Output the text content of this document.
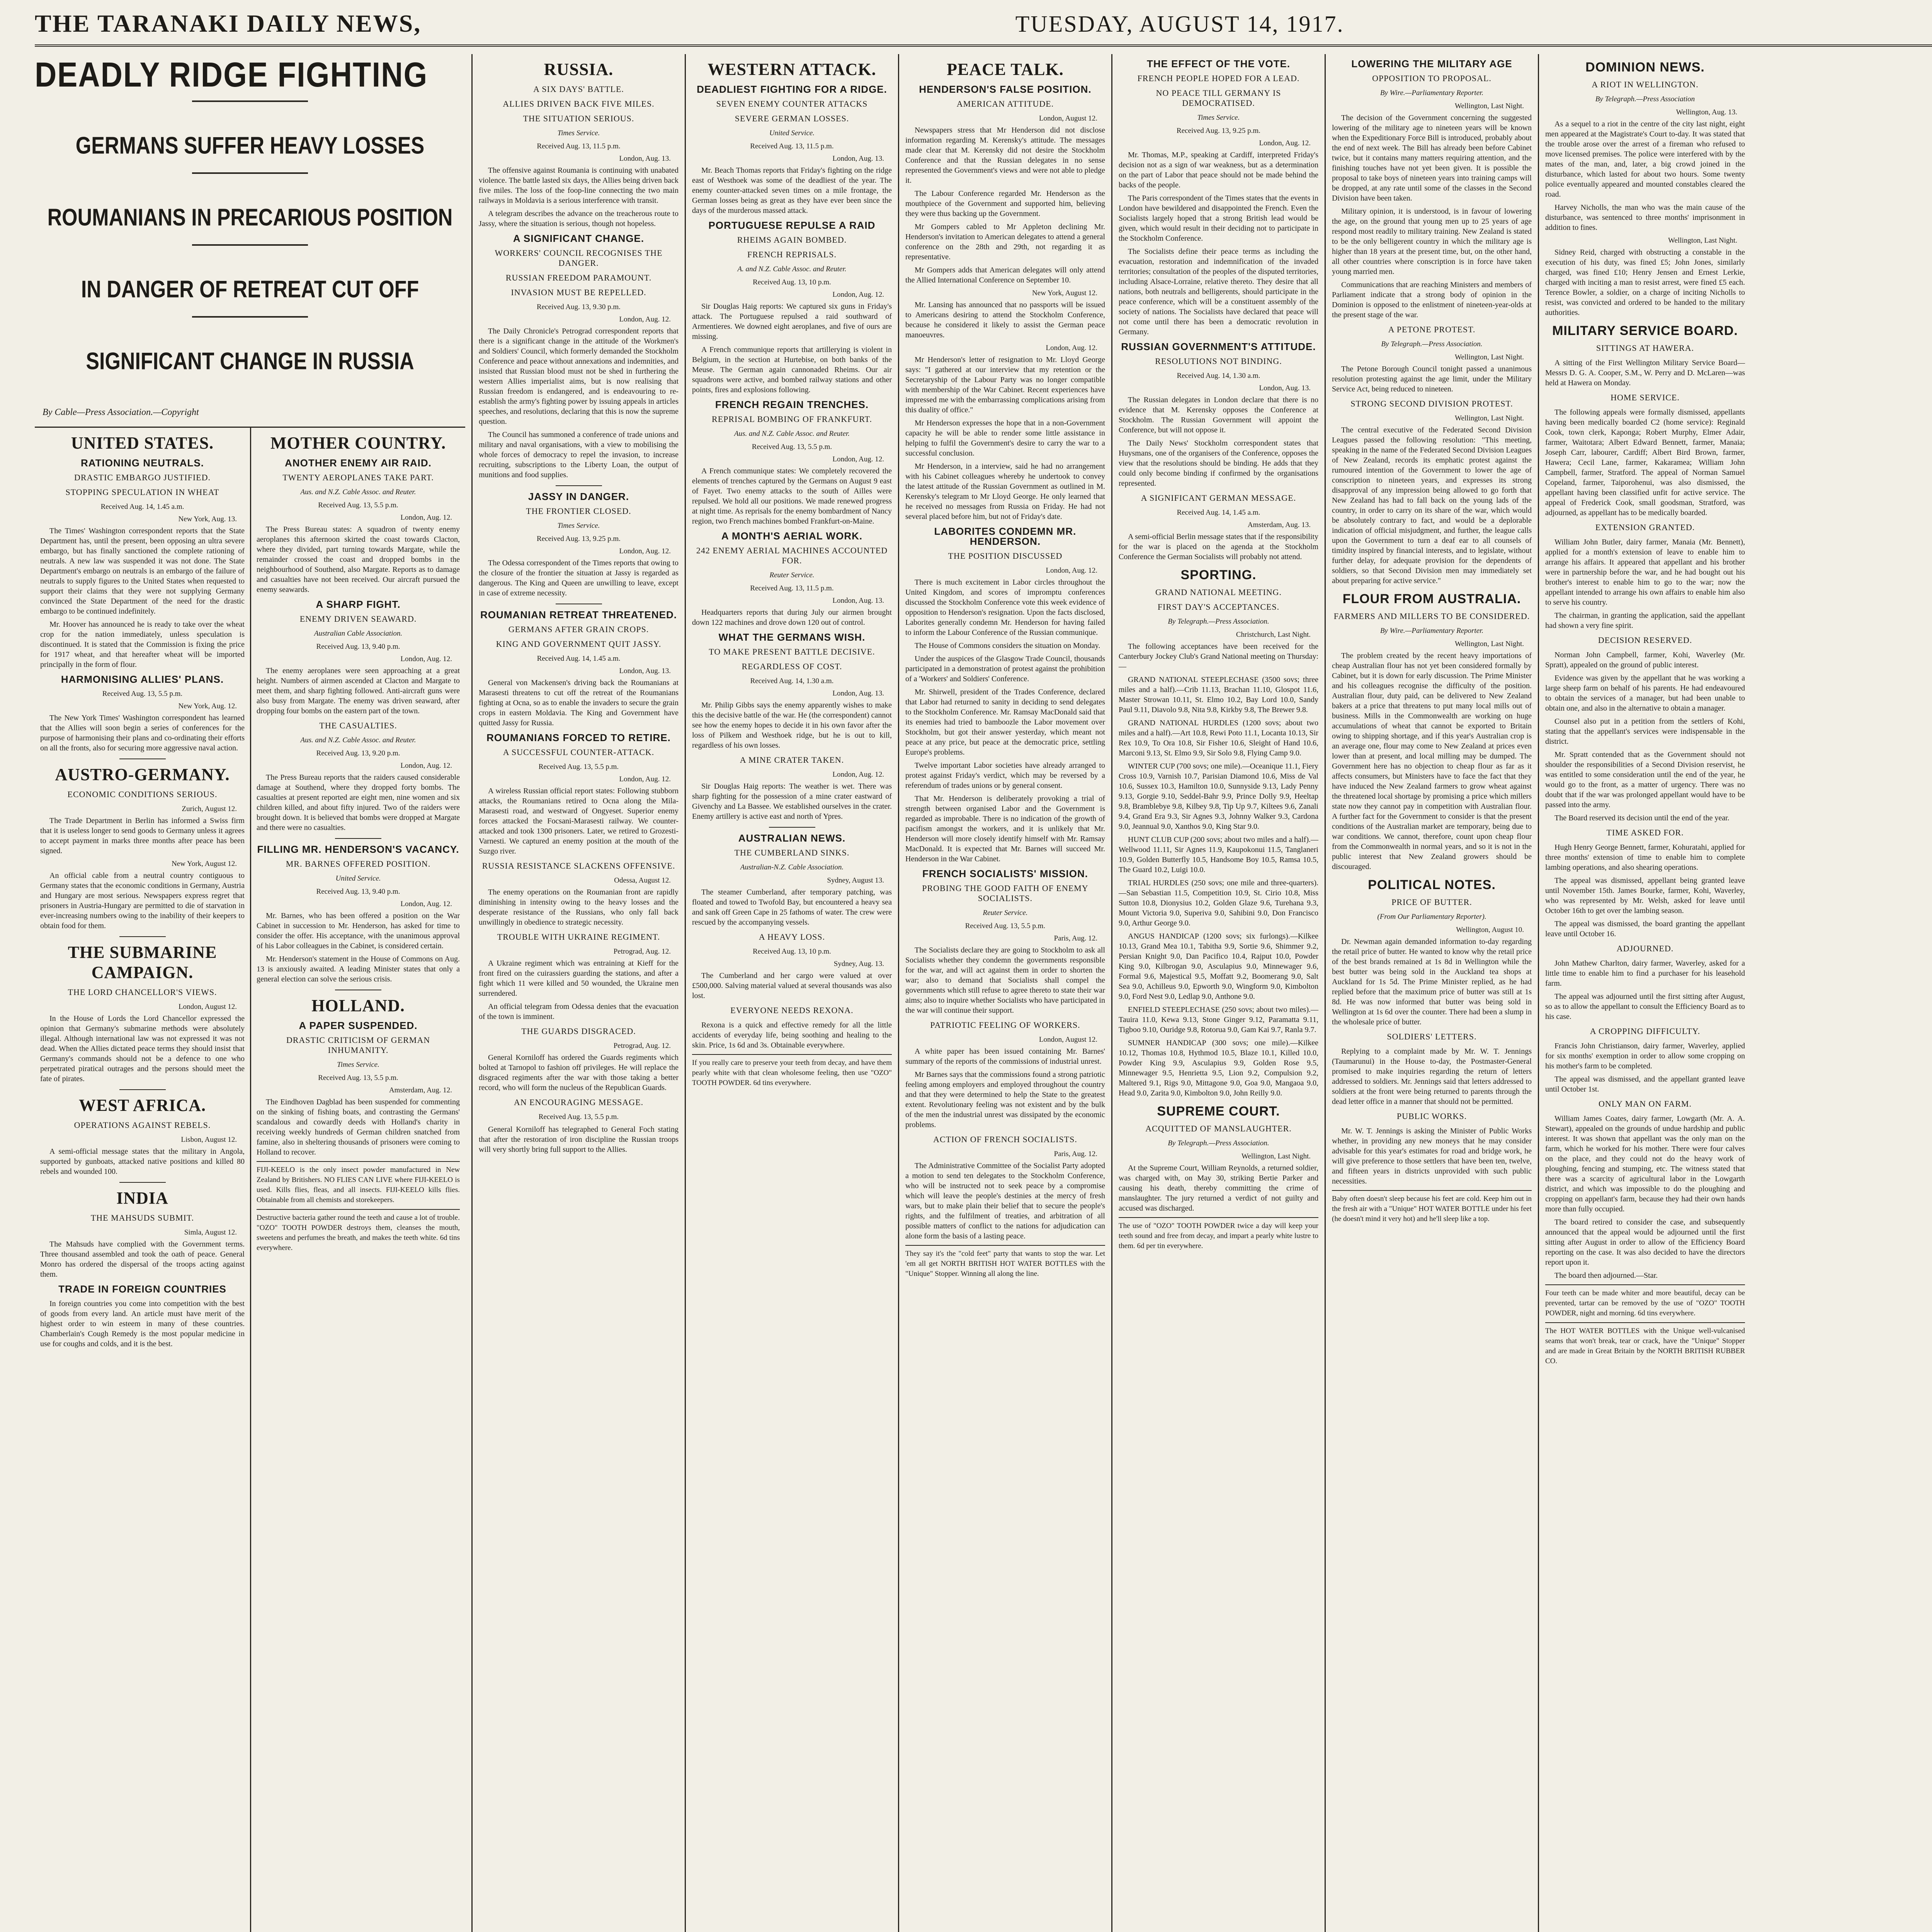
THE TARANAKI DAILY NEWS,	TUESDAY, AUGUST 14, 1917.
DEADLY RIDGE FIGHTING
GERMANS SUFFER HEAVY LOSSES
ROUMANIANS IN PRECARIOUS POSITION
IN DANGER OF RETREAT CUT OFF
SIGNIFICANT CHANGE IN RUSSIA
By Cable—Press Association.—Copyright
UNITED STATES.
RATIONING NEUTRALS.
DRASTIC EMBARGO JUSTIFIED.
STOPPING SPECULATION IN WHEAT
Received Aug. 14, 1.45 a.m.
New York, Aug. 13.

The Times' Washington correspondent reports that the State Department has, until the present, been opposing an ultra severe embargo, but has finally sanctioned the complete rationing of neutrals. A new law was suspended it was not done. The State Department's embargo on neutrals is an embargo of the failure of neutrals to supply figures to the United States when requested to support their claims that they were not supplying Germany convinced the State Department of the need for the drastic embargo to be continued indefinitely.

Mr. Hoover has announced he is ready to take over the wheat crop for the nation immediately, unless speculation is discontinued. It is stated that the Commission is fixing the price for 1917 wheat, and that hereafter wheat will be imported principally in the form of flour.

HARMONISING ALLIES' PLANS.
Received Aug. 13, 5.5 p.m.
New York, Aug. 12.

The New York Times' Washington correspondent has learned that the Allies will soon begin a series of conferences for the purpose of harmonising their plans and co-ordinating their efforts on all the fronts, also for securing more aggressive naval action.

AUSTRO-GERMANY.
ECONOMIC CONDITIONS SERIOUS.
Zurich, August 12.

The Trade Department in Berlin has informed a Swiss firm that it is useless longer to send goods to Germany unless it agrees to accept payment in marks three months after peace has been signed.

New York, August 12.

An official cable from a neutral country contiguous to Germany states that the economic conditions in Germany, Austria and Hungary are most serious. Newspapers express regret that prisoners in Austria-Hungary are permitted to die of starvation in ever-increasing numbers owing to the inability of their keepers to obtain food for them.

THE SUBMARINE CAMPAIGN.
THE LORD CHANCELLOR'S VIEWS.
London, August 12.

In the House of Lords the Lord Chancellor expressed the opinion that Germany's submarine methods were absolutely illegal. Although international law was not expressed it was not dead. When the Allies dictated peace terms they should insist that Germany's commands should not be a defence to one who perpetrated piratical outrages and the persons should meet the fate of pirates.

WEST AFRICA.
OPERATIONS AGAINST REBELS.
Lisbon, August 12.

A semi-official message states that the military in Angola, supported by gunboats, attacked native positions and killed 80 rebels and wounded 100.

INDIA
THE MAHSUDS SUBMIT.
Simla, August 12.

The Mahsuds have complied with the Government terms. Three thousand assembled and took the oath of peace. General Monro has ordered the dispersal of the troops acting against them.

TRADE IN FOREIGN COUNTRIES

In foreign countries you come into competition with the best of goods from every land. An article must have merit of the highest order to win esteem in many of these countries. Chamberlain's Cough Remedy is the most popular medicine in use for coughs and colds, and it is the best.

MOTHER COUNTRY.
ANOTHER ENEMY AIR RAID.
TWENTY AEROPLANES TAKE PART.
Aus. and N.Z. Cable Assoc. and Reuter.
Received Aug. 13, 5.5 p.m.
London, Aug. 12.

The Press Bureau states: A squadron of twenty enemy aeroplanes this afternoon skirted the coast towards Clacton, where they divided, part turning towards Margate, while the remainder crossed the coast and dropped bombs in the neighbourhood of Southend, also Margate. Reports as to damage and casualties have not been received. Our aircraft pursued the enemy seawards.

A SHARP FIGHT.
ENEMY DRIVEN SEAWARD.
Australian Cable Association.
Received Aug. 13, 9.40 p.m.
London, Aug. 12.

The enemy aeroplanes were seen approaching at a great height. Numbers of airmen ascended at Clacton and Margate to meet them, and sharp fighting followed. Anti-aircraft guns were also busy from Margate. The enemy was driven seaward, after dropping four bombs on the eastern part of the town.

THE CASUALTIES.
Aus. and N.Z. Cable Assoc. and Reuter.
Received Aug. 13, 9.20 p.m.
London, Aug. 12.

The Press Bureau reports that the raiders caused considerable damage at Southend, where they dropped forty bombs. The casualties at present reported are eight men, nine women and six children killed, and about fifty injured. Two of the raiders were brought down. It is believed that bombs were dropped at Margate and there were no casualties.

FILLING MR. HENDERSON'S VACANCY.
MR. BARNES OFFERED POSITION.
United Service.
Received Aug. 13, 9.40 p.m.
London, Aug. 12.

Mr. Barnes, who has been offered a position on the War Cabinet in succession to Mr. Henderson, has asked for time to consider the offer. His acceptance, with the unanimous approval of his Labor colleagues in the Cabinet, is considered certain.

Mr. Henderson's statement in the House of Commons on Aug. 13 is anxiously awaited. A leading Minister states that only a general election can solve the serious crisis.

HOLLAND.
A PAPER SUSPENDED.
DRASTIC CRITICISM OF GERMAN INHUMANITY.
Times Service.
Received Aug. 13, 5.5 p.m.
Amsterdam, Aug. 12.

The Eindhoven Dagblad has been suspended for commenting on the sinking of fishing boats, and contrasting the Germans' scandalous and cowardly deeds with Holland's charity in receiving weekly hundreds of German children snatched from famine, also in sheltering thousands of prisoners were coming to Holland to recover.

FIJI-KEELO is the only insect powder manufactured in New Zealand by Britishers. NO FLIES CAN LIVE where FIJI-KEELO is used. Kills flies, fleas, and all insects. FIJI-KEELO kills flies. Obtainable from all chemists and storekeepers.
Destructive bacteria gather round the teeth and cause a lot of trouble. "OZO" TOOTH POWDER destroys them, cleanses the mouth, sweetens and perfumes the breath, and makes the teeth white. 6d tins everywhere.
RUSSIA.
A SIX DAYS' BATTLE.
ALLIES DRIVEN BACK FIVE MILES.
THE SITUATION SERIOUS.
Times Service.
Received Aug. 13, 11.5 p.m.
London, Aug. 13.

The offensive against Roumania is continuing with unabated violence. The battle lasted six days, the Allies being driven back five miles. The loss of the foop-line connecting the two main railways in Moldavia is a serious interference with transit.

A telegram describes the advance on the treacherous route to Jassy, where the situation is serious, though not hopeless.

A SIGNIFICANT CHANGE.
WORKERS' COUNCIL RECOGNISES THE DANGER.
RUSSIAN FREEDOM PARAMOUNT.
INVASION MUST BE REPELLED.
Received Aug. 13, 9.30 p.m.
London, Aug. 12.

The Daily Chronicle's Petrograd correspondent reports that there is a significant change in the attitude of the Workmen's and Soldiers' Council, which formerly demanded the Stockholm Conference and peace without annexations and indemnities, and insisted that Russian blood must not be shed in furthering the western Allies imperialist aims, but is now realising that Russian freedom is endangered, and is endeavouring to re-establish the army's fighting power by issuing appeals in articles speeches, and resolutions, declaring that this is now the supreme question.

The Council has summoned a conference of trade unions and military and naval organisations, with a view to mobilising the whole forces of democracy to repel the invasion, to increase recruiting, subscriptions to the Liberty Loan, the output of munitions and food supplies.

JASSY IN DANGER.
THE FRONTIER CLOSED.
Times Service.
Received Aug. 13, 9.25 p.m.
London, Aug. 12.

The Odessa correspondent of the Times reports that owing to the closure of the frontier the situation at Jassy is regarded as dangerous. The King and Queen are unwilling to leave, except in case of extreme necessity.

ROUMANIAN RETREAT THREATENED.
GERMANS AFTER GRAIN CROPS.
KING AND GOVERNMENT QUIT JASSY.
Received Aug. 14, 1.45 a.m.
London, Aug. 13.

General von Mackensen's driving back the Roumanians at Marasesti threatens to cut off the retreat of the Roumanians fighting at Ocna, so as to enable the invaders to secure the grain crops in eastern Moldavia. The King and Government have quitted Jassy for Russia.

ROUMANIANS FORCED TO RETIRE.
A SUCCESSFUL COUNTER-ATTACK.
Received Aug. 13, 5.5 p.m.
London, Aug. 12.

A wireless Russian official report states: Following stubborn attacks, the Roumanians retired to Ocna along the Mila-Marasesti road, and westward of Ongyeset. Superior enemy forces attacked the Focsani-Marasesti railway. We counter-attacked and took 1300 prisoners. Later, we retired to Grozesti-Varnesti. We captured an enemy position at the mouth of the Suzgo river.

RUSSIA RESISTANCE SLACKENS OFFENSIVE.
Odessa, August 12.

The enemy operations on the Roumanian front are rapidly diminishing in intensity owing to the heavy losses and the desperate resistance of the Russians, who only fall back unwillingly in obedience to strategic necessity.

TROUBLE WITH UKRAINE REGIMENT.
Petrograd, Aug. 12.

A Ukraine regiment which was entraining at Kieff for the front fired on the cuirassiers guarding the stations, and after a fight which 11 were killed and 50 wounded, the Ukraine men surrendered.

An official telegram from Odessa denies that the evacuation of the town is imminent.

THE GUARDS DISGRACED.
Petrograd, Aug. 12.

General Korniloff has ordered the Guards regiments which bolted at Tarnopol to fashion off privileges. He will replace the disgraced regiments after the war with those taking a better record, who will form the nucleus of the Republican Guards.

AN ENCOURAGING MESSAGE.
Received Aug. 13, 5.5 p.m.

General Korniloff has telegraphed to General Foch stating that after the restoration of iron discipline the Russian troops will very shortly bring full support to the Allies.

WESTERN ATTACK.
DEADLIEST FIGHTING FOR A RIDGE.
SEVEN ENEMY COUNTER ATTACKS
SEVERE GERMAN LOSSES.
United Service.
Received Aug. 13, 11.5 p.m.
London, Aug. 13.

Mr. Beach Thomas reports that Friday's fighting on the ridge east of Westhoek was some of the deadliest of the year. The enemy counter-attacked seven times on a mile frontage, the German losses being as great as they have ever been since the days of the murderous massed attack.

PORTUGUESE REPULSE A RAID
RHEIMS AGAIN BOMBED.
FRENCH REPRISALS.
A. and N.Z. Cable Assoc. and Reuter.
Received Aug. 13, 10 p.m.
London, Aug. 12.

Sir Douglas Haig reports: We captured six guns in Friday's attack. The Portuguese repulsed a raid southward of Armentieres. We downed eight aeroplanes, and five of ours are missing.

A French communique reports that artillerying is violent in Belgium, in the section at Hurtebise, on both banks of the Meuse. The German again cannonaded Rheims. Our air squadrons were active, and bombed railway stations and other points, fires and explosions following.

FRENCH REGAIN TRENCHES.
REPRISAL BOMBING OF FRANKFURT.
Aus. and N.Z. Cable Assoc. and Reuter.
Received Aug. 13, 5.5 p.m.
London, Aug. 12.

A French communique states: We completely recovered the elements of trenches captured by the Germans on August 9 east of Fayet. Two enemy attacks to the south of Ailles were repulsed. We hold all our positions. We made renewed progress at night time. As reprisals for the enemy bombardment of Nancy region, two French machines bombed Frankfurt-on-Maine.

A MONTH'S AERIAL WORK.
242 ENEMY AERIAL MACHINES ACCOUNTED FOR.
Reuter Service.
Received Aug. 13, 11.5 p.m.
London, Aug. 13.

Headquarters reports that during July our airmen brought down 122 machines and drove down 120 out of control.

WHAT THE GERMANS WISH.
TO MAKE PRESENT BATTLE DECISIVE.
REGARDLESS OF COST.
Received Aug. 14, 1.30 a.m.
London, Aug. 13.

Mr. Philip Gibbs says the enemy apparently wishes to make this the decisive battle of the war. He (the correspondent) cannot see how the enemy hopes to decide it in his own favor after the loss of Pilkem and Westhoek ridge, but he is out to kill, regardless of his own losses.

A MINE CRATER TAKEN.
London, Aug. 12.

Sir Douglas Haig reports: The weather is wet. There was sharp fighting for the possession of a mine crater eastward of Givenchy and La Bassee. We established ourselves in the crater. Enemy artillery is active east and north of Ypres.

AUSTRALIAN NEWS.
THE CUMBERLAND SINKS.
Australian-N.Z. Cable Association.
Sydney, August 13.

The steamer Cumberland, after temporary patching, was floated and towed to Twofold Bay, but encountered a heavy sea and sank off Green Cape in 25 fathoms of water. The crew were rescued by the accompanying vessels.

A HEAVY LOSS.
Received Aug. 13, 10 p.m.
Sydney, Aug. 13.

The Cumberland and her cargo were valued at over £500,000. Salving material valued at several thousands was also lost.

EVERYONE NEEDS REXONA.

Rexona is a quick and effective remedy for all the little accidents of everyday life, being soothing and healing to the skin. Price, 1s 6d and 3s. Obtainable everywhere.

If you really care to preserve your teeth from decay, and have them pearly white with that clean wholesome feeling, then use "OZO" TOOTH POWDER. 6d tins everywhere.
PEACE TALK.
HENDERSON'S FALSE POSITION.
AMERICAN ATTITUDE.
London, August 12.

Newspapers stress that Mr Henderson did not disclose information regarding M. Kerensky's attitude. The messages made clear that M. Kerensky did not desire the Stockholm Conference and that the Russian delegates in no sense represented the Government's views and were not able to pledge it.

The Labour Conference regarded Mr. Henderson as the mouthpiece of the Government and supported him, believing they were thus backing up the Government.

Mr Gompers cabled to Mr Appleton declining Mr. Henderson's invitation to American delegates to attend a general conference on the 28th and 29th, not regarding it as representative.

Mr Gompers adds that American delegates will only attend the Allied International Conference on September 10.

New York, August 12.

Mr. Lansing has announced that no passports will be issued to Americans desiring to attend the Stockholm Conference, because he considered it likely to assist the German peace manoeuvres.

London, Aug. 12.

Mr Henderson's letter of resignation to Mr. Lloyd George says: "I gathered at our interview that my retention or the Secretaryship of the Labour Party was no longer compatible with membership of the War Cabinet. Recent experiences have impressed me with the embarrassing complications arising from this duality of office."

Mr Henderson expresses the hope that in a non-Government capacity he will be able to render some little assistance in helping to fulfil the Government's desire to carry the war to a successful conclusion.

Mr Henderson, in a interview, said he had no arrangement with his Cabinet colleagues whereby he undertook to convey the latest attitude of the Russian Government as outlined in M. Kerensky's telegram to Mr Lloyd George. He only learned that he received no messages from Russia on Friday. He had not several placed before him, but not of Friday's date.

LABORITES CONDEMN MR. HENDERSON.
THE POSITION DISCUSSED
London, Aug. 12.

There is much excitement in Labor circles throughout the United Kingdom, and scores of impromptu conferences discussed the Stockholm Conference vote this week evidence of opposition to Henderson's resignation. Upon the facts disclosed, Laborites generally condemn Mr. Henderson for having failed to inform the Labour Conference of the Russian communique.

The House of Commons considers the situation on Monday.

Under the auspices of the Glasgow Trade Council, thousands participated in a demonstration of protest against the prohibition of a 'Workers' and Soldiers' Conference.

Mr. Shirwell, president of the Trades Conference, declared that Labor had returned to sanity in deciding to send delegates to the Stockholm Conference. Mr. Ramsay MacDonald said that its enemies had tried to bamboozle the Labor movement over Stockholm, but got their answer yesterday, which meant not peace at any price, but peace at the democratic price, settling Europe's problems.

Twelve important Labor societies have already arranged to protest against Friday's verdict, which may be reversed by a referendum of trades unions or by general consent.

That Mr. Henderson is deliberately provoking a trial of strength between organised Labor and the Government is regarded as improbable. There is no indication of the growth of pacifism amongst the workers, and it is unlikely that Mr. Henderson will more closely identify himself with Mr. Ramsay MacDonald. It is expected that Mr. Barnes will succeed Mr. Henderson in the War Cabinet.

FRENCH SOCIALISTS' MISSION.
PROBING THE GOOD FAITH OF ENEMY SOCIALISTS.
Reuter Service.
Received Aug. 13, 5.5 p.m.
Paris, Aug. 12.

The Socialists declare they are going to Stockholm to ask all Socialists whether they condemn the governments responsible for the war, and will act against them in order to shorten the war; also to demand that Socialists shall compel the governments which still refuse to agree thereto to state their war aims; also to inquire whether Socialists who have participated in the war will continue their support.

PATRIOTIC FEELING OF WORKERS.
London, August 12.

A white paper has been issued containing Mr. Barnes' summary of the reports of the commissions of industrial unrest.

Mr Barnes says that the commissions found a strong patriotic feeling among employers and employed throughout the country and that they were determined to help the State to the greatest extent. Revolutionary feeling was not existent and by the bulk of the men the industrial unrest was dissipated by the economic problems.

ACTION OF FRENCH SOCIALISTS.
Paris, Aug. 12.

The Administrative Committee of the Socialist Party adopted a motion to send ten delegates to the Stockholm Conference, who will be instructed not to seek peace by a compromise which will leave the people's destinies at the mercy of fresh wars, but to make plain their belief that to secure the people's rights, and the fulfilment of treaties, and arbitration of all possible matters of conflict to the nations for adjudication can alone form the basis of a lasting peace.

They say it's the "cold feet" party that wants to stop the war. Let 'em all get NORTH BRITISH HOT WATER BOTTLES with the "Unique" Stopper. Winning all along the line.
THE EFFECT OF THE VOTE.
FRENCH PEOPLE HOPED FOR A LEAD.
NO PEACE TILL GERMANY IS DEMOCRATISED.
Times Service.
Received Aug. 13, 9.25 p.m.
London, Aug. 12.

Mr. Thomas, M.P., speaking at Cardiff, interpreted Friday's decision not as a sign of war weakness, but as a determination on the part of Labor that peace should not be made behind the backs of the people.

The Paris correspondent of the Times states that the events in London have bewildered and disappointed the French. Even the Socialists largely hoped that a strong British lead would be given, which would result in their deciding not to participate in the Stockholm Conference.

The Socialists define their peace terms as including the evacuation, restoration and indemnification of the invaded territories; consultation of the peoples of the disputed territories, including Alsace-Lorraine, relative thereto. They desire that all nations, both neutrals and belligerents, should participate in the peace conference, which will be a constituent assembly of the society of nations. The Socialists have declared that peace will not come until there has been a democratic revolution in Germany.

RUSSIAN GOVERNMENT'S ATTITUDE.
RESOLUTIONS NOT BINDING.
Received Aug. 14, 1.30 a.m.
London, Aug. 13.

The Russian delegates in London declare that there is no evidence that M. Kerensky opposes the Conference at Stockholm. The Russian Government will appoint the Conference, but will not oppose it.

The Daily News' Stockholm correspondent states that Huysmans, one of the organisers of the Conference, opposes the view that the resolutions should be binding. He adds that they could only become binding if confirmed by the organisations represented.

A SIGNIFICANT GERMAN MESSAGE.
Received Aug. 14, 1.45 a.m.
Amsterdam, Aug. 13.

A semi-official Berlin message states that if the responsibility for the war is placed on the agenda at the Stockholm Conference the German Socialists will probably not attend.

SPORTING.
GRAND NATIONAL MEETING.
FIRST DAY'S ACCEPTANCES.
By Telegraph.—Press Association.
Christchurch, Last Night.

The following acceptances have been received for the Canterbury Jockey Club's Grand National meeting on Thursday:—

GRAND NATIONAL STEEPLECHASE (3500 sovs; three miles and a half).—Crib 11.13, Brachan 11.10, Glospot 11.6, Master Strowan 10.11, St. Elmo 10.2, Bay Lord 10.0, Sandy Paul 9.11, Diavolo 9.8, Nita 9.8, Kirkby 9.8, The Brewer 9.8.

GRAND NATIONAL HURDLES (1200 sovs; about two miles and a half).—Art 10.8, Rewi Poto 11.1, Locanta 10.13, Sir Rex 10.9, To Ora 10.8, Sir Fisher 10.6, Sleight of Hand 10.6, Marconi 9.13, St. Elmo 9.9, Sir Solo 9.8, Flying Camp 9.0.

WINTER CUP (700 sovs; one mile).—Oceanique 11.1, Fiery Cross 10.9, Varnish 10.7, Parisian Diamond 10.6, Miss de Val 10.6, Sussex 10.3, Hamilton 10.0, Sunnyside 9.13, Lady Penny 9.13, Gorgie 9.10, Seddel-Bahr 9.9, Prince Dolly 9.9, Heeltap 9.8, Bramblebye 9.8, Kilbey 9.8, Tip Up 9.7, Kiltees 9.6, Zanali 9.4, Grand Era 9.3, Sir Agnes 9.3, Johnny Walker 9.3, Cardona 9.0, Jeannual 9.0, Xanthos 9.0, King Star 9.0.

HUNT CLUB CUP (200 sovs; about two miles and a half).—Wellwood 11.11, Sir Agnes 11.9, Kaupokonui 11.5, Tanglaneri 10.9, Golden Butterfly 10.5, Handsome Boy 10.5, Ramsa 10.5, The Guard 10.2, Luigi 10.0.

TRIAL HURDLES (250 sovs; one mile and three-quarters).—San Sebastian 11.5, Competition 10.9, St. Cirio 10.8, Miss Sutton 10.8, Dionysius 10.2, Golden Glaze 9.6, Turehana 9.3, Mount Victoria 9.0, Superiva 9.0, Sahibini 9.0, Don Francisco 9.0, Arthur George 9.0.

ANGUS HANDICAP (1200 sovs; six furlongs).—Kilkee 10.13, Grand Mea 10.1, Tabitha 9.9, Sortie 9.6, Shimmer 9.2, Persian Knight 9.0, Dan Pacifico 10.4, Rajput 10.0, Powder King 9.0, Kilbrogan 9.0, Asculapius 9.0, Minnewager 9.6, Formal 9.6, Majestical 9.5, Moffatt 9.2, Boomerang 9.0, Salt Sea 9.0, Achilleus 9.0, Epworth 9.0, Wingform 9.0, Kimbolton 9.0, Ford Nest 9.0, Ledlap 9.0, Anthone 9.0.

ENFIELD STEEPLECHASE (250 sovs; about two miles).—Tauira 11.0, Kewa 9.13, Stone Ginger 9.12, Paramatta 9.11, Tigboo 9.10, Ouridge 9.8, Rotorua 9.0, Gam Kai 9.7, Ranla 9.7.

SUMNER HANDICAP (300 sovs; one mile).—Kilkee 10.12, Thomas 10.8, Hythmod 10.5, Blaze 10.1, Killed 10.0, Powder King 9.9, Asculapius 9.9, Golden Rose 9.5, Minnewager 9.5, Henrietta 9.5, Lion 9.2, Compulsion 9.2, Maltered 9.1, Rigs 9.0, Mittagone 9.0, Goa 9.0, Mangaoa 9.0, Head 9.0, Zarita 9.0, Kimbolton 9.0, John Reilly 9.0.

SUPREME COURT.
ACQUITTED OF MANSLAUGHTER.
By Telegraph.—Press Association.
Wellington, Last Night.

At the Supreme Court, William Reynolds, a returned soldier, was charged with, on May 30, striking Bertie Parker and causing his death, thereby committing the crime of manslaughter. The jury returned a verdict of not guilty and accused was discharged.

The use of "OZO" TOOTH POWDER twice a day will keep your teeth sound and free from decay, and impart a pearly white lustre to them. 6d per tin everywhere.
LOWERING THE MILITARY AGE
OPPOSITION TO PROPOSAL.
By Wire.—Parliamentary Reporter.
Wellington, Last Night.

The decision of the Government concerning the suggested lowering of the military age to nineteen years will be known when the Expeditionary Force Bill is introduced, probably about the end of next week. The Bill has already been before Cabinet twice, but it contains many matters requiring attention, and the finishing touches have not yet been given. It is possible the proposal to take boys of nineteen years into training camps will be dropped, at any rate until some of the classes in the Second Division have been taken.

Military opinion, it is understood, is in favour of lowering the age, on the ground that young men up to 25 years of age respond most readily to military training. New Zealand is stated to be the only belligerent country in which the military age is higher than 18 years at the present time, but, on the other hand, all other countries where conscription is in force have taken young married men.

Communications that are reaching Ministers and members of Parliament indicate that a strong body of opinion in the Dominion is opposed to the enlistment of nineteen-year-olds at the present stage of the war.

A PETONE PROTEST.
By Telegraph.—Press Association.
Wellington, Last Night.

The Petone Borough Council tonight passed a unanimous resolution protesting against the age limit, under the Military Service Act, being reduced to nineteen.

STRONG SECOND DIVISION PROTEST.
Wellington, Last Night.

The central executive of the Federated Second Division Leagues passed the following resolution: "This meeting, speaking in the name of the Federated Second Division Leagues of New Zealand, records its emphatic protest against the rumoured intention of the Government to lower the age of conscription to nineteen years, and expresses its strong disapproval of any impression being allowed to go forth that New Zealand has had to fall back on the young lads of the country, in order to carry on its share of the war, which would be absolutely contrary to fact, and would be a deplorable indication of official misjudgment, and further, the league calls upon the Government to turn a deaf ear to all counsels of timidity inspired by financial interests, and to legislate, without further delay, for adequate provision for the dependents of soldiers, so that Second Division men may immediately set about preparing for active service."

FLOUR FROM AUSTRALIA.
FARMERS AND MILLERS TO BE CONSIDERED.
By Wire.—Parliamentary Reporter.
Wellington, Last Night.

The problem created by the recent heavy importations of cheap Australian flour has not yet been considered formally by Cabinet, but it is down for early discussion. The Prime Minister and his colleagues recognise the difficulty of the position. Australian flour, duty paid, can be delivered to New Zealand bakers at a price that threatens to put many local mills out of business. Mills in the Commonwealth are working on huge accumulations of wheat that cannot be exported to Britain owing to shipping shortage, and if this year's Australian crop is an average one, flour may come to New Zealand at prices even lower than at present, and local milling may be dumped. The Government here has no objection to cheap flour as far as it affects consumers, but Ministers have to face the fact that they have induced the New Zealand farmers to grow wheat against the threatened local shortage by promising a price which millers state now they cannot pay in competition with Australian flour. A further fact for the Government to consider is that the present conditions of the Australian market are temporary, being due to war conditions. We cannot, therefore, count upon cheap flour from the Commonwealth in normal years, and so it is not in the public interest that New Zealand growers should be discouraged.

POLITICAL NOTES.
PRICE OF BUTTER.
(From Our Parliamentary Reporter).
Wellington, August 10.

Dr. Newman again demanded information to-day regarding the retail price of butter. He wanted to know why the retail price of the best brands remained at 1s 8d in Wellington while the best butter was being sold in the Auckland tea shops at Auckland for 1s 5d. The Prime Minister replied, as he had replied before that the maximum price of butter was still at 1s 8d. He was now informed that butter was being sold in Wellington at 1s 6d over the counter. There had been a slump in the wholesale price of butter.

SOLDIERS' LETTERS.

Replying to a complaint made by Mr. W. T. Jennings (Taumarunui) in the House to-day, the Postmaster-General promised to make inquiries regarding the return of letters addressed to soldiers. Mr. Jennings said that letters addressed to soldiers at the front were being returned to parents through the dead letter office in a manner that should not be permitted.

PUBLIC WORKS.

Mr. W. T. Jennings is asking the Minister of Public Works whether, in providing any new moneys that he may consider advisable for this year's estimates for road and bridge work, he will give preference to those settlers that have been ten, twelve, and fifteen years in districts unprovided with such public necessities.

Baby often doesn't sleep because his feet are cold. Keep him out in the fresh air with a "Unique" HOT WATER BOTTLE under his feet (he doesn't mind it very hot) and he'll sleep like a top.
DOMINION NEWS.
A RIOT IN WELLINGTON.
By Telegraph.—Press Association
Wellington, Aug. 13.

As a sequel to a riot in the centre of the city last night, eight men appeared at the Magistrate's Court to-day. It was stated that the trouble arose over the arrest of a fireman who refused to move licensed premises. The police were interfered with by the mates of the man, and, later, a big crowd joined in the disturbance, which lasted for about two hours. Some twenty police eventually appeared and mounted constables cleared the road.

Harvey Nicholls, the man who was the main cause of the disturbance, was sentenced to three months' imprisonment in addition to fines.

Wellington, Last Night.

Sidney Reid, charged with obstructing a constable in the execution of his duty, was fined £5; John Jones, similarly charged, was fined £10; Henry Jensen and Ernest Lerkie, charged with inciting a man to resist arrest, were fined £5 each. Terence Bowler, a soldier, on a charge of inciting Nicholls to resist, was convicted and ordered to be handed to the military authorities.

MILITARY SERVICE BOARD.
SITTINGS AT HAWERA.

A sitting of the First Wellington Military Service Board—Messrs D. G. A. Cooper, S.M., W. Perry and D. McLaren—was held at Hawera on Monday.

HOME SERVICE.

The following appeals were formally dismissed, appellants having been medically boarded C2 (home service): Reginald Cook, town clerk, Kaponga; Robert Murphy, Elmer Adair, farmer, Waitotara; Albert Edward Bennett, farmer, Manaia; Joseph Carr, labourer, Cardiff; Albert Bird Brown, farmer, Hawera; Cecil Lane, farmer, Kakaramea; William John Campbell, farmer, Stratford. The appeal of Norman Samuel Copeland, farmer, Taiporohenui, was also dismissed, the appellant having been classified unfit for active service. The appeal of Frederick Cook, small goodsman, Stratford, was adjourned, as appellant has to be medically boarded.

EXTENSION GRANTED.

William John Butler, dairy farmer, Manaia (Mr. Bennett), applied for a month's extension of leave to enable him to arrange his affairs. It appeared that appellant and his brother were in partnership before the war, and he had bought out his brother's interest to enable him to go to the war; now the appellant intended to arrange his own affairs to enable him also to serve his country.

The chairman, in granting the application, said the appellant had shown a very fine spirit.

DECISION RESERVED.

Norman John Campbell, farmer, Kohi, Waverley (Mr. Spratt), appealed on the ground of public interest.

Evidence was given by the appellant that he was working a large sheep farm on behalf of his parents. He had endeavoured to obtain the services of a manager, but had been unable to obtain one, and also in the alternative to obtain a manager.

Counsel also put in a petition from the settlers of Kohi, stating that the appellant's services were indispensable in the district.

Mr. Spratt contended that as the Government should not shoulder the responsibilities of a Second Division reservist, he was entitled to some consideration until the end of the year, he would go to the front, as a matter of urgency. There was no doubt that if the war was prolonged appellant would have to be passed into the army.

The Board reserved its decision until the end of the year.

TIME ASKED FOR.

Hugh Henry George Bennett, farmer, Kohuratahi, applied for three months' extension of time to enable him to complete lambing operations, and also shearing operations.

The appeal was dismissed, appellant being granted leave until November 15th. James Bourke, farmer, Kohi, Waverley, who was represented by Mr. Welsh, asked for leave until October 16th to get over the lambing season.

The appeal was dismissed, the board granting the appellant leave until October 16.

ADJOURNED.

John Mathew Charlton, dairy farmer, Waverley, asked for a little time to enable him to find a purchaser for his leasehold farm.

The appeal was adjourned until the first sitting after August, so as to allow the appellant to consult the Efficiency Board as to his case.

A CROPPING DIFFICULTY.

Francis John Christianson, dairy farmer, Waverley, applied for six months' exemption in order to allow some cropping on his mother's farm to be completed.

The appeal was dismissed, and the appellant granted leave until October 1st.

ONLY MAN ON FARM.

William James Coates, dairy farmer, Lowgarth (Mr. A. A. Stewart), appealed on the grounds of undue hardship and public interest. It was shown that appellant was the only man on the farm, which he worked for his mother. There were four calves on the place, and they could not do the heavy work of ploughing, fencing and stumping, etc. The witness stated that there was a scarcity of agricultural labor in the Lowgarth district, and which was impossible to do the ploughing and cropping on appellant's farm, because they had their own hands more than fully occupied.

The board retired to consider the case, and subsequently announced that the appeal would be adjourned until the first sitting after August in order to allow of the Efficiency Board reporting on the case. It was also decided to have the directors report upon it.

The board then adjourned.—Star.

Four teeth can be made whiter and more beautiful, decay can be prevented, tartar can be removed by the use of "OZO" TOOTH POWDER, night and morning. 6d tins everywhere.
The HOT WATER BOTTLES with the Unique well-vulcanised seams that won't break, tear or crack, have the "Unique" Stopper and are made in Great Britain by the NORTH BRITISH RUBBER CO.
